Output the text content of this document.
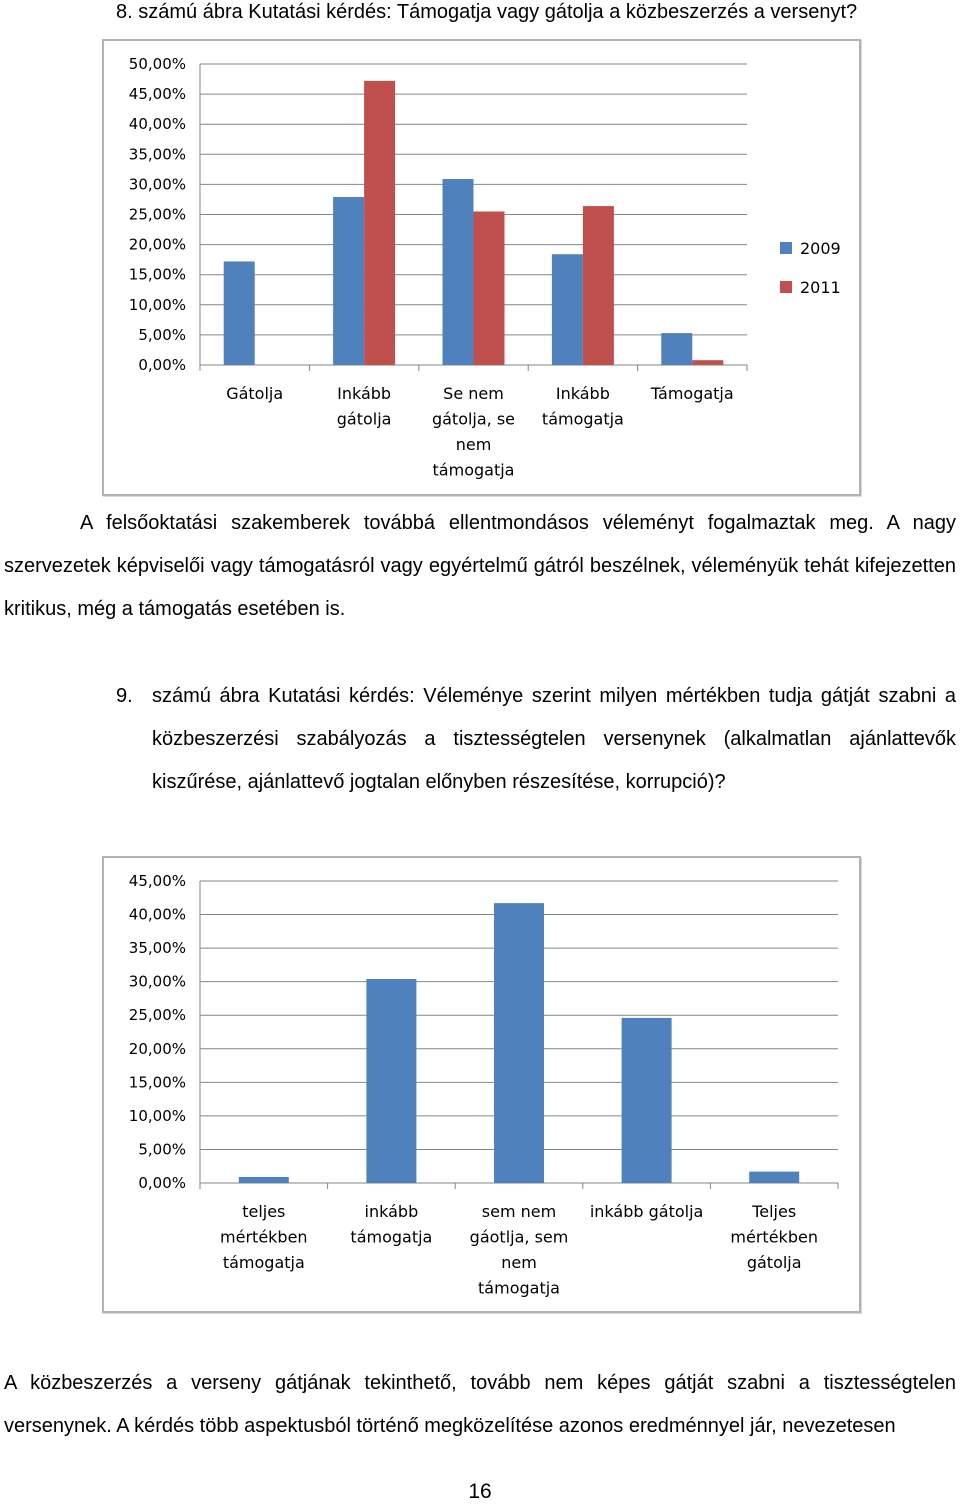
8. számú ábra Kutatási kérdés: Támogatja vagy gátolja a közbeszerzés a versenyt?
0,00%
5,00%
10,00%
15,00%
20,00%
25,00%
30,00%
35,00%
40,00%
45,00%
50,00%
Gátolja	Inkább
gátolja
Se nem
gátolja, se
nem
támogatja
Inkább
támogatja
Támogatja
2009
2011
A felsőoktatási szakemberek továbbá ellentmondásos véleményt fogalmaztak meg. A nagy szervezetek képviselői vagy támogatásról vagy egyértelmű gátról beszélnek, véleményük tehát kifejezetten kritikus, még a támogatás esetében is.
9. számú ábra Kutatási kérdés: Véleménye szerint milyen mértékben tudja gátját szabni a közbeszerzési szabályozás a tisztességtelen versenynek (alkalmatlan ajánlattevők kiszűrése, ajánlattevő jogtalan előnyben részesítése, korrupció)?
0,00%
5,00%
10,00%
15,00%
20,00%
25,00%
30,00%
35,00%
40,00%
45,00%
teljes
mértékben
támogatja
inkább
támogatja
sem nem
gáotlja, sem
nem
támogatja
inkább gátolja	Teljes
mértékben
gátolja
A közbeszerzés a verseny gátjának tekinthető, tovább nem képes gátját szabni a tisztességtelen versenynek. A kérdés több aspektusból történő megközelítése azonos eredménnyel jár, nevezetesen
16
